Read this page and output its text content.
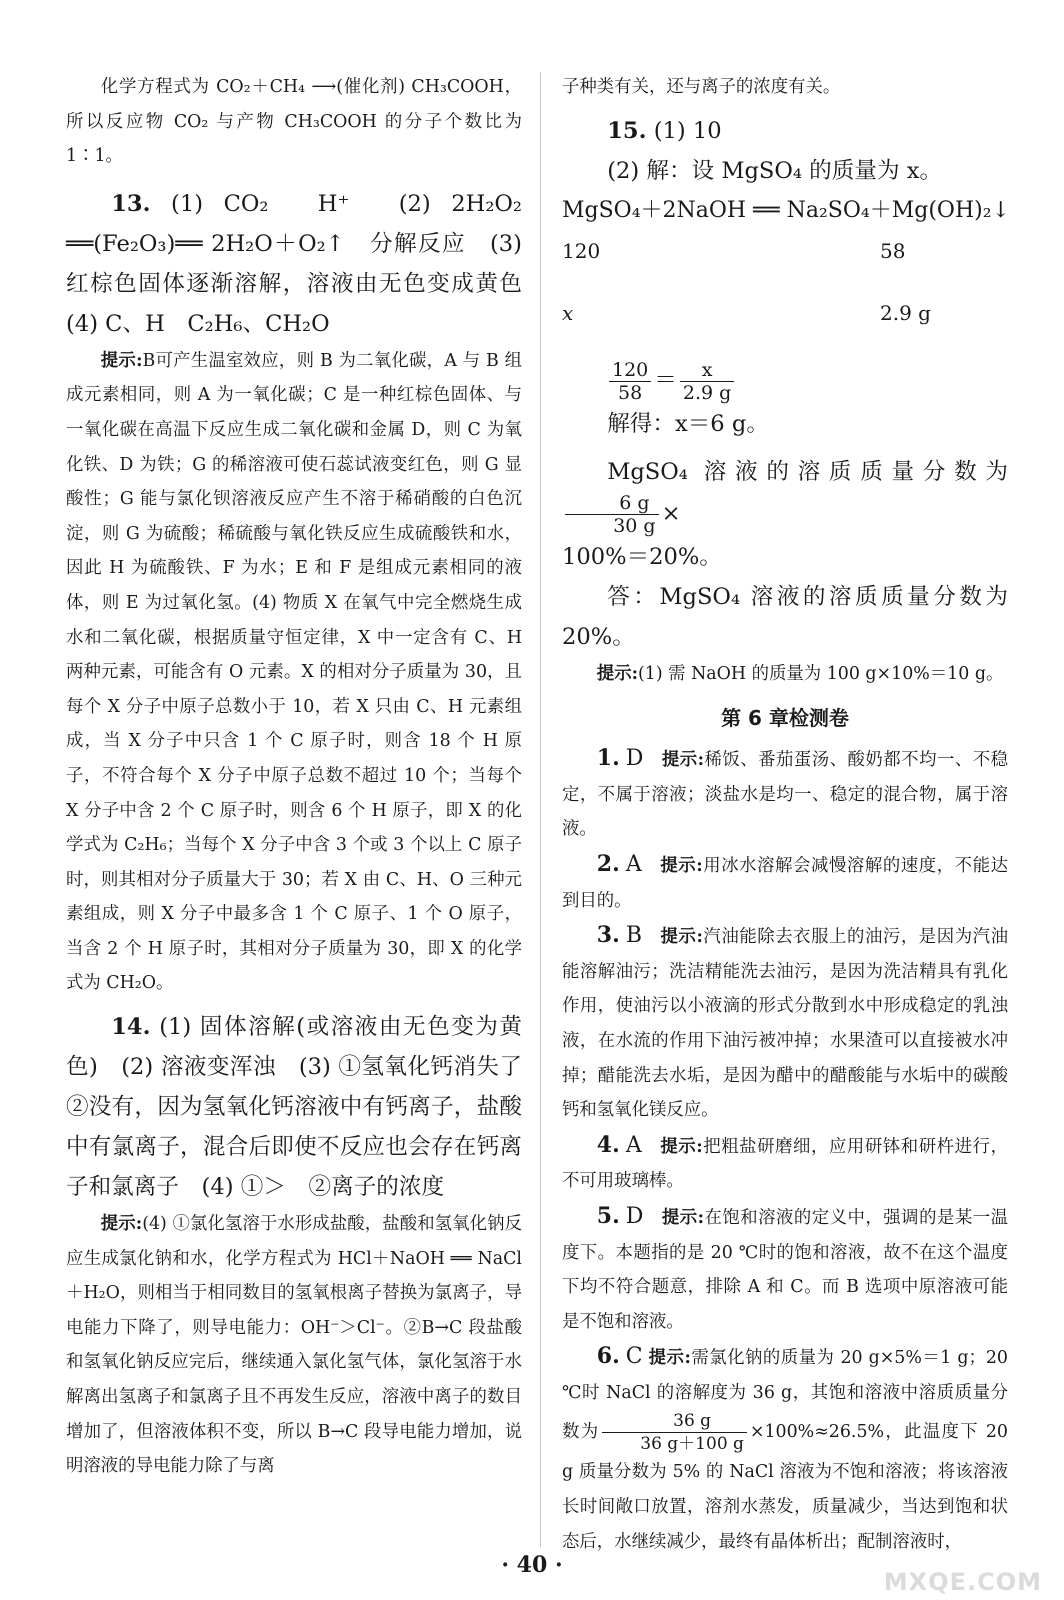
化学方程式为 CO₂＋CH₄ ⟶(催化剂) CH₃COOH，所以反应物 CO₂ 与产物 CH₃COOH 的分子个数比为 1∶1。

13. (1) CO₂　H⁺　(2) 2H₂O₂ ══(Fe₂O₃)══ 2H₂O＋O₂↑　分解反应　(3) 红棕色固体逐渐溶解，溶液由无色变成黄色　(4) C、H　C₂H₆、CH₂O

提示:B可产生温室效应，则 B 为二氧化碳，A 与 B 组成元素相同，则 A 为一氧化碳；C 是一种红棕色固体、与一氧化碳在高温下反应生成二氧化碳和金属 D，则 C 为氧化铁、D 为铁；G 的稀溶液可使石蕊试液变红色，则 G 显酸性；G 能与氯化钡溶液反应产生不溶于稀硝酸的白色沉淀，则 G 为硫酸；稀硫酸与氧化铁反应生成硫酸铁和水，因此 H 为硫酸铁、F 为水；E 和 F 是组成元素相同的液体，则 E 为过氧化氢。(4) 物质 X 在氧气中完全燃烧生成水和二氧化碳，根据质量守恒定律，X 中一定含有 C、H 两种元素，可能含有 O 元素。X 的相对分子质量为 30，且每个 X 分子中原子总数小于 10，若 X 只由 C、H 元素组成，当 X 分子中只含 1 个 C 原子时，则含 18 个 H 原子，不符合每个 X 分子中原子总数不超过 10 个；当每个 X 分子中含 2 个 C 原子时，则含 6 个 H 原子，即 X 的化学式为 C₂H₆；当每个 X 分子中含 3 个或 3 个以上 C 原子时，则其相对分子质量大于 30；若 X 由 C、H、O 三种元素组成，则 X 分子中最多含 1 个 C 原子、1 个 O 原子，当含 2 个 H 原子时，其相对分子质量为 30，即 X 的化学式为 CH₂O。

14. (1) 固体溶解(或溶液由无色变为黄色)　(2) 溶液变浑浊　(3) ①氢氧化钙消失了　②没有，因为氢氧化钙溶液中有钙离子，盐酸中有氯离子，混合后即使不反应也会存在钙离子和氯离子　(4) ①＞　②离子的浓度

提示:(4) ①氯化氢溶于水形成盐酸，盐酸和氢氧化钠反应生成氯化钠和水，化学方程式为 HCl＋NaOH ══ NaCl＋H₂O，则相当于相同数目的氢氧根离子替换为氯离子，导电能力下降了，则导电能力：OH⁻＞Cl⁻。②B→C 段盐酸和氢氧化钠反应完后，继续通入氯化氢气体，氯化氢溶于水解离出氢离子和氯离子且不再发生反应，溶液中离子的数目增加了，但溶液体积不变，所以 B→C 段导电能力增加，说明溶液的导电能力除了与离

子种类有关，还与离子的浓度有关。

15. (1) 10

(2) 解：设 MgSO₄ 的质量为 x。

MgSO₄＋2NaOH ══ Na₂SO₄＋Mg(OH)₂↓
120	58
x	2.9 g
$\frac{120}{58} = \frac{x}{2.9 g}$

解得：x＝6 g。

MgSO₄ 溶液的溶质质量分数为
$\frac{6 g}{30 g}$ ×

100%＝20%。

答：MgSO₄ 溶液的溶质质量分数为 20%。

提示:(1) 需 NaOH 的质量为 100 g×10%＝10 g。

第 6 章检测卷

1. D　 提示:稀饭、番茄蛋汤、酸奶都不均一、不稳定，不属于溶液；淡盐水是均一、稳定的混合物，属于溶液。

2. A　 提示:用冰水溶解会减慢溶解的速度，不能达到目的。

3. B　 提示:汽油能除去衣服上的油污，是因为汽油能溶解油污；洗洁精能洗去油污，是因为洗洁精具有乳化作用，使油污以小液滴的形式分散到水中形成稳定的乳浊液，在水流的作用下油污被冲掉；水果渣可以直接被水冲掉；醋能洗去水垢，是因为醋中的醋酸能与水垢中的碳酸钙和氢氧化镁反应。

4. A　 提示:把粗盐研磨细，应用研钵和研杵进行，不可用玻璃棒。

5. D　 提示:在饱和溶液的定义中，强调的是某一温度下。本题指的是 20 ℃时的饱和溶液，故不在这个温度下均不符合题意，排除 A 和 C。而 B 选项中原溶液可能是不饱和溶液。

6. C 提示:需氯化钠的质量为 20 g×5%＝1 g；20 ℃时 NaCl 的溶解度为 36 g，其饱和溶液中溶质质量分数为 $\frac{36 g}{36 g+100 g} \times 100\%\approx 26.5\%$，此温度下 20 g 质量分数为 5% 的 NaCl 溶液为不饱和溶液；将该溶液长时间敞口放置，溶剂水蒸发，质量减少，当达到饱和状态后，水继续减少，最终有晶体析出；配制溶液时，

· 40 ·
MXQE.COM
